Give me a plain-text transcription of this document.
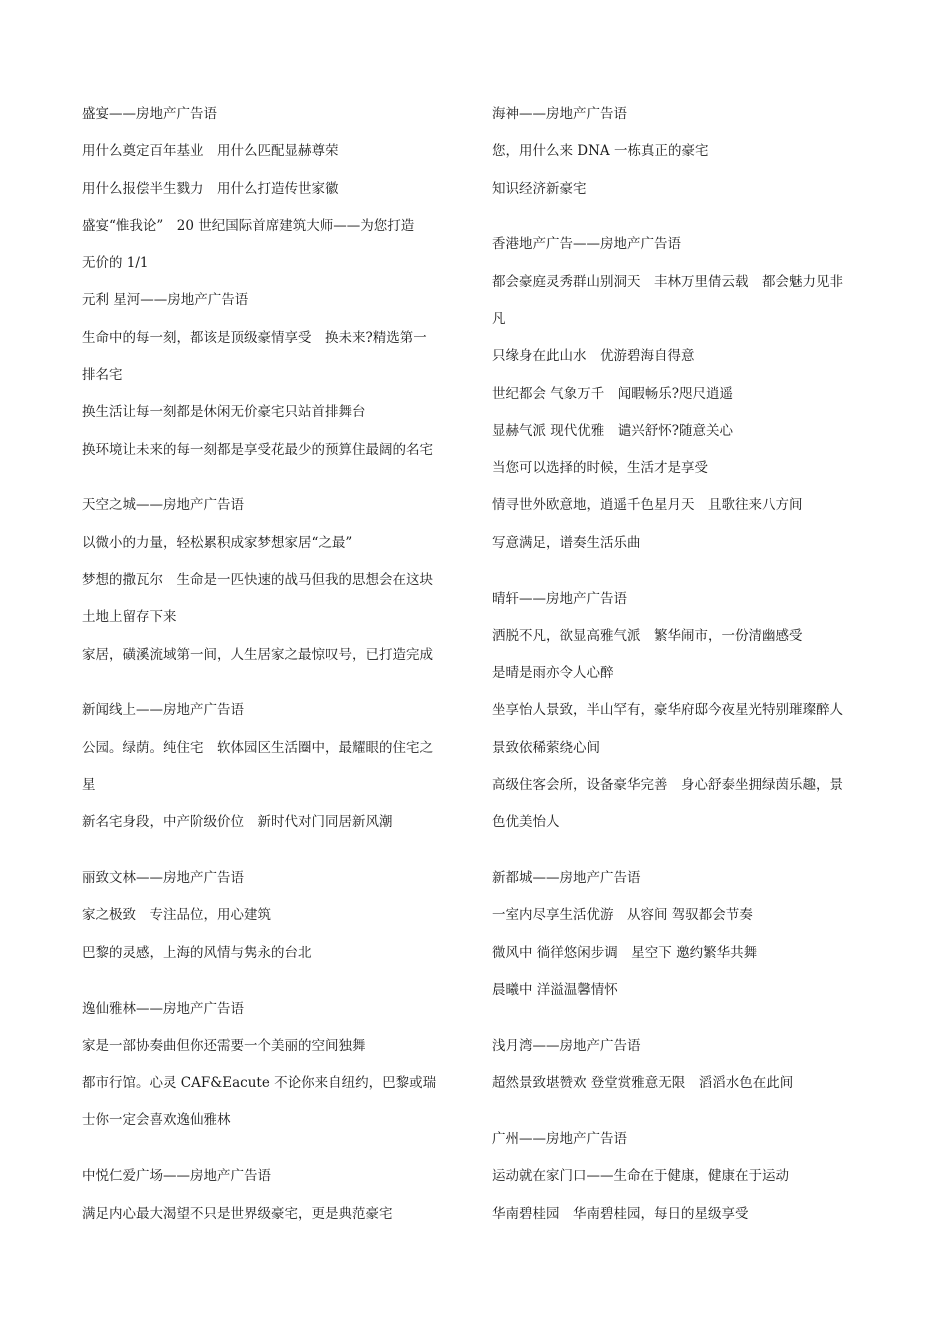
盛宴——房地产广告语
用什么奠定百年基业　用什么匹配显赫尊荣
用什么报偿半生戮力　用什么打造传世家徽
盛宴“惟我论”　20 世纪国际首席建筑大师——为您打造
无价的 1/1
元利 星河——房地产广告语
生命中的每一刻，都该是顶级豪情享受　换未来?精选第一
排名宅
换生活让每一刻都是休闲无价豪宅只站首排舞台
换环境让未来的每一刻都是享受花最少的预算住最阔的名宅
天空之城——房地产广告语
以微小的力量，轻松累积成家梦想家居“之最”
梦想的撒瓦尔　生命是一匹快速的战马但我的思想会在这块
土地上留存下来
家居，磺溪流域第一间，人生居家之最惊叹号，已打造完成
新闻线上——房地产广告语
公园。绿荫。纯住宅　软体园区生活圈中，最耀眼的住宅之
星
新名宅身段，中产阶级价位　新时代对门同居新风潮
丽致文林——房地产广告语
家之极致　专注品位，用心建筑
巴黎的灵感，上海的风情与隽永的台北
逸仙雅林——房地产广告语
家是一部协奏曲但你还需要一个美丽的空间独舞
都市行馆。心灵 CAF&Eacute 不论你来自纽约，巴黎或瑞
士你一定会喜欢逸仙雅林
中悦仁爱广场——房地产广告语
满足内心最大渴望不只是世界级豪宅，更是典范豪宅
海神——房地产广告语
您，用什么来 DNA 一栋真正的豪宅
知识经济新豪宅
香港地产广告——房地产广告语
都会豪庭灵秀群山别洞天　丰林万里倩云载　都会魅力见非
凡
只缘身在此山水　优游碧海自得意
世纪都会 气象万千　闻暇畅乐?咫尺逍遥
显赫气派 现代优雅　谴兴舒怀?随意关心
当您可以选择的时候，生活才是享受
情寻世外欧意地，逍遥千色星月天　且歌往来八方间
写意满足，谱奏生活乐曲
晴轩——房地产广告语
洒脱不凡，欲显高雅气派　繁华闹市，一份清幽感受
是晴是雨亦令人心醉
坐享怡人景致，半山罕有，豪华府邸今夜星光特别璀璨醉人
景致依稀萦绕心间
高级住客会所，设备豪华完善　身心舒泰坐拥绿茵乐趣，景
色优美怡人
新都城——房地产广告语
一室内尽享生活优游　从容间 驾驭都会节奏
微风中 徜徉悠闲步调　星空下 邀约繁华共舞
晨曦中 洋溢温馨情怀
浅月湾——房地产广告语
超然景致堪赞欢 登堂赏雅意无限　滔滔水色在此间
广州——房地产广告语
运动就在家门口——生命在于健康，健康在于运动
华南碧桂园　华南碧桂园，每日的星级享受
